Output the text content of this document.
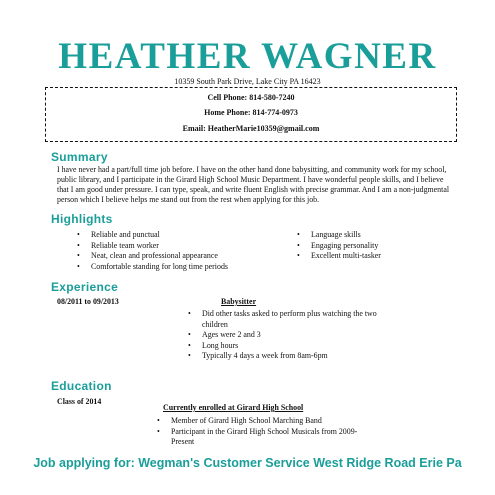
HEATHER WAGNER
10359 South Park Drive, Lake City PA 16423
Cell Phone: 814-580-7240
Home Phone: 814-774-0973
Email: HeatherMarie10359@gmail.com
Summary
I have never had a part/full time job before. I have on the other hand done babysitting, and community work for my school, public library, and I participate in the Girard High School Music Department. I have wonderful people skills, and I believe that I am good under pressure. I can type, speak, and write fluent English with precise grammar. And I am a non-judgmental person which I believe helps me stand out from the rest when applying for this job.
Highlights
• Reliable and punctual
• Reliable team worker
• Neat, clean and professional appearance
• Comfortable standing for long time periods
• Language skills
• Engaging personality
• Excellent multi-tasker
Experience
08/2011 to 09/2013	Babysitter
• Did other tasks asked to perform plus watching the two children
• Ages were 2 and 3
• Long hours
• Typically 4 days a week from 8am-6pm
Education
Class of 2014
Currently enrolled at Girard High School
• Member of Girard High School Marching Band
• Participant in the Girard High School Musicals from 2009-Present
Job applying for: Wegman's Customer Service West Ridge Road Erie Pa
